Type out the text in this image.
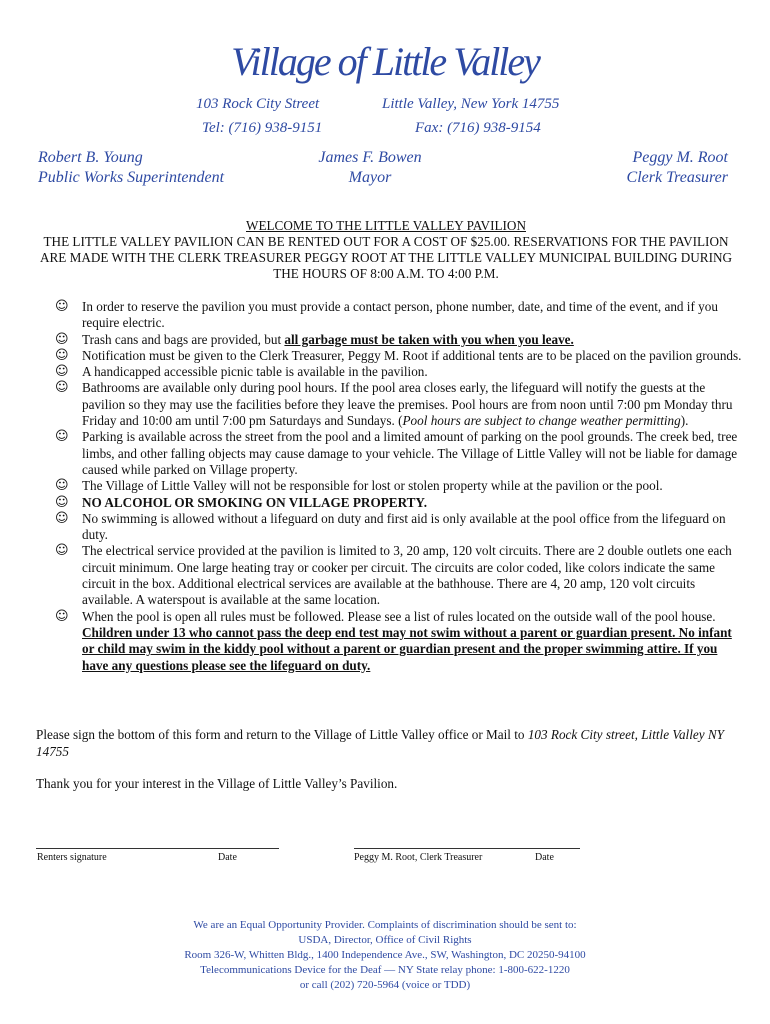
Village of Little Valley
103 Rock City Street	Little Valley, New York 14755
Tel: (716) 938-9151	Fax: (716) 938-9154
Robert B. Young
Public Works Superintendent
James F. Bowen
Mayor
Peggy M. Root
Clerk Treasurer
WELCOME TO THE LITTLE VALLEY PAVILION
THE LITTLE VALLEY PAVILION CAN BE RENTED OUT FOR A COST OF $25.00. RESERVATIONS FOR THE PAVILION ARE MADE WITH THE CLERK TREASURER PEGGY ROOT AT THE LITTLE VALLEY MUNICIPAL BUILDING DURING THE HOURS OF 8:00 A.M. TO 4:00 P.M.
☺ In order to reserve the pavilion you must provide a contact person, phone number, date, and time of the event, and if you require electric.
☺ Trash cans and bags are provided, but all garbage must be taken with you when you leave.
☺ Notification must be given to the Clerk Treasurer, Peggy M. Root if additional tents are to be placed on the pavilion grounds.
☺ A handicapped accessible picnic table is available in the pavilion.
☺ Bathrooms are available only during pool hours. If the pool area closes early, the lifeguard will notify the guests at the pavilion so they may use the facilities before they leave the premises. Pool hours are from noon until 7:00 pm Monday thru Friday and 10:00 am until 7:00 pm Saturdays and Sundays. (Pool hours are subject to change weather permitting).
☺ Parking is available across the street from the pool and a limited amount of parking on the pool grounds. The creek bed, tree limbs, and other falling objects may cause damage to your vehicle. The Village of Little Valley will not be liable for damage caused while parked on Village property.
☺ The Village of Little Valley will not be responsible for lost or stolen property while at the pavilion or the pool.
☺ NO ALCOHOL OR SMOKING ON VILLAGE PROPERTY.
☺ No swimming is allowed without a lifeguard on duty and first aid is only available at the pool office from the lifeguard on duty.
☺ The electrical service provided at the pavilion is limited to 3, 20 amp, 120 volt circuits. There are 2 double outlets one each circuit minimum. One large heating tray or cooker per circuit. The circuits are color coded, like colors indicate the same circuit in the box. Additional electrical services are available at the bathhouse. There are 4, 20 amp, 120 volt circuits available. A waterspout is available at the same location.
☺ When the pool is open all rules must be followed. Please see a list of rules located on the outside wall of the pool house. Children under 13 who cannot pass the deep end test may not swim without a parent or guardian present. No infant or child may swim in the kiddy pool without a parent or guardian present and the proper swimming attire. If you have any questions please see the lifeguard on duty.
Please sign the bottom of this form and return to the Village of Little Valley office or Mail to 103 Rock City street, Little Valley NY 14755
Thank you for your interest in the Village of Little Valley’s Pavilion.
Renters signature	Date	Peggy M. Root, Clerk Treasurer	Date
We are an Equal Opportunity Provider. Complaints of discrimination should be sent to:
USDA, Director, Office of Civil Rights
Room 326-W, Whitten Bldg., 1400 Independence Ave., SW, Washington, DC 20250-94100
Telecommunications Device for the Deaf — NY State relay phone: 1-800-622-1220
or call (202) 720-5964 (voice or TDD)
